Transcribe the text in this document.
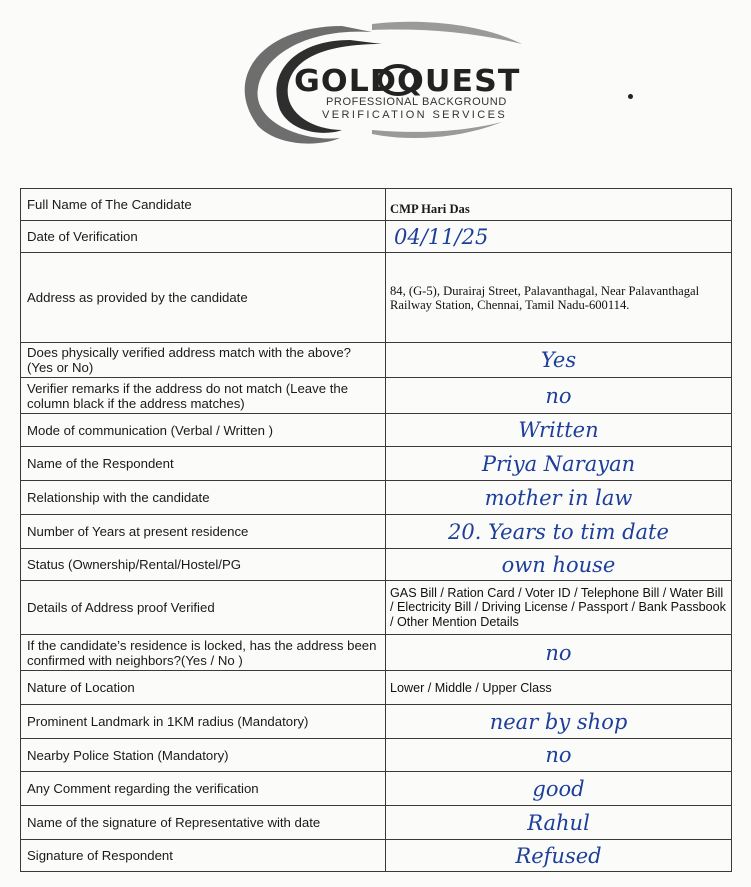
GOLDQUEST
PROFESSIONAL BACKGROUND
VERIFICATION SERVICES
Full Name of The Candidate	CMP Hari Das
Date of Verification	04/11/25
Address as provided by the candidate	84, (G-5), Durairaj Street, Palavanthagal, Near Palavanthagal Railway Station, Chennai, Tamil Nadu-600114.

Does physically verified address match with the above? (Yes or No)	Yes
Verifier remarks if the address do not match (Leave the column black if the address matches)	no
Mode of communication (Verbal / Written )	Written
Name of the Respondent	Priya Narayan
Relationship with the candidate	mother in law
Number of Years at present residence	20. Years to tim date
Status (Ownership/Rental/Hostel/PG	own house
Details of Address proof Verified	GAS Bill / Ration Card / Voter ID / Telephone Bill / Water Bill / Electricity Bill / Driving License / Passport / Bank Passbook / Other Mention Details

If the candidate’s residence is locked, has the address been confirmed with neighbors?(Yes / No )	no
Nature of Location	Lower / Middle / Upper Class
Prominent Landmark in 1KM radius (Mandatory)	near by shop
Nearby Police Station (Mandatory)	no
Any Comment regarding the verification	good
Name of the signature of Representative with date	Rahul
Signature of Respondent	Refused
